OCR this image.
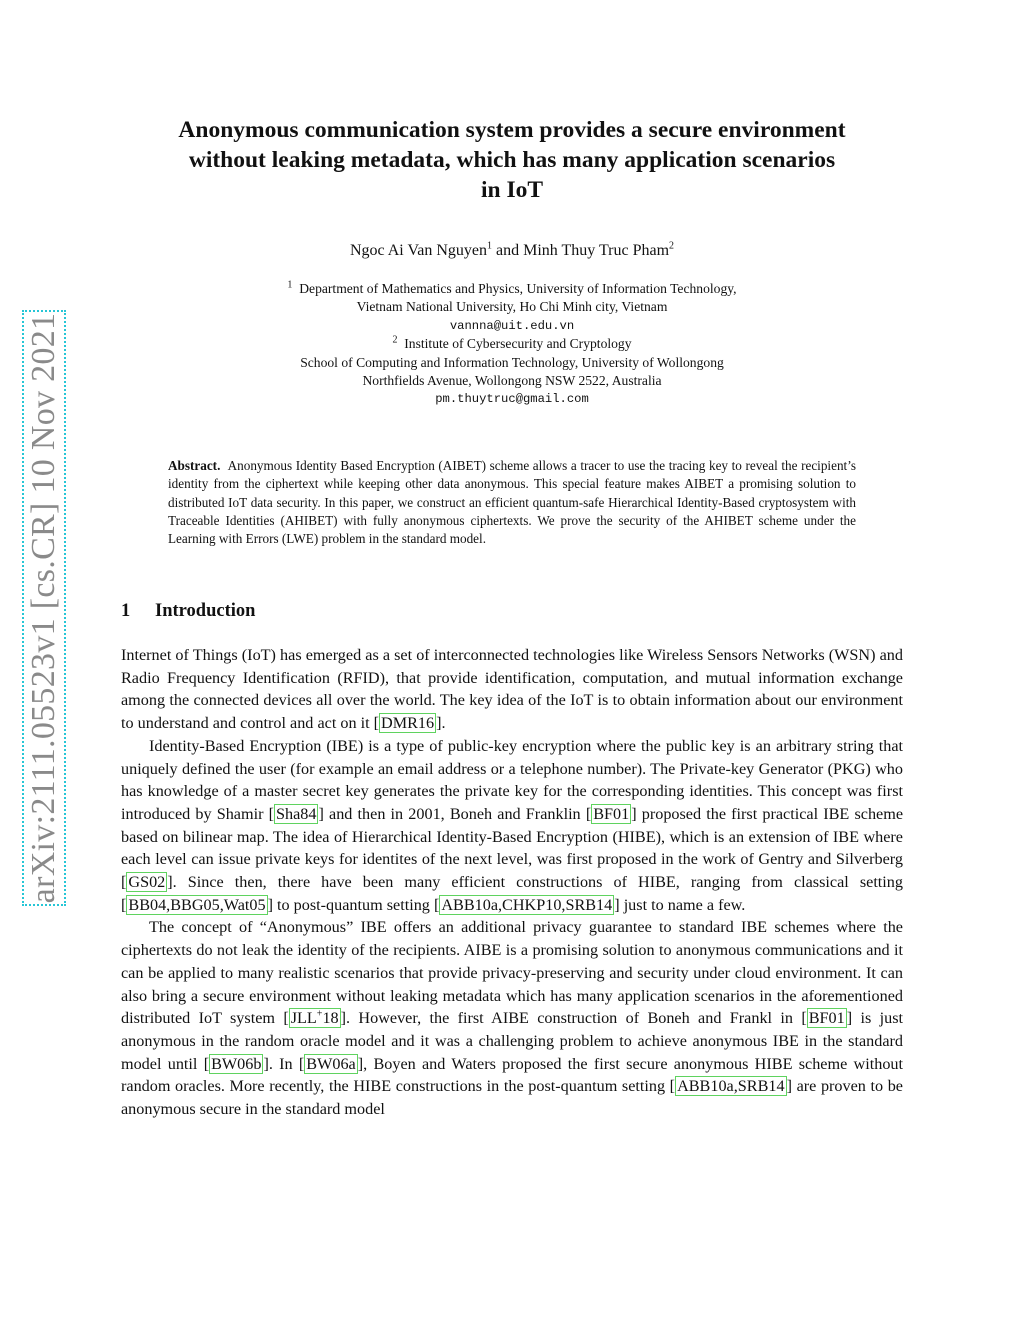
arXiv:2111.05523v1 [cs.CR] 10 Nov 2021
Anonymous communication system provides a secure environment
without leaking metadata, which has many application scenarios
in IoT
Ngoc Ai Van Nguyen$^1$ and Minh Thuy Truc Pham$^2$
$^1$ Department of Mathematics and Physics, University of Information Technology,
Vietnam National University, Ho Chi Minh city, Vietnam
vannna@uit.edu.vn
$^2$ Institute of Cybersecurity and Cryptology
School of Computing and Information Technology, University of Wollongong
Northfields Avenue, Wollongong NSW 2522, Australia
pm.thuytruc@gmail.com

Abstract. Anonymous Identity Based Encryption (AIBET) scheme allows a tracer to use the tracing key to reveal the recipient’s identity from the ciphertext while keeping other data anonymous. This special feature makes AIBET a promising solution to distributed IoT data security. In this paper, we construct an efficient quantum-safe Hierarchical Identity-Based cryptosystem with Traceable Identities (AHIBET) with fully anonymous ciphertexts. We prove the security of the AHIBET scheme under the Learning with Errors (LWE) problem in the standard model.

1 Introduction

Internet of Things (IoT) has emerged as a set of interconnected technologies like Wireless Sensors Networks (WSN) and Radio Frequency Identification (RFID), that provide identification, computation, and mutual information exchange among the connected devices all over the world. The key idea of the IoT is to obtain information about our environment to understand and control and act on it [ DMR16 ].

Identity-Based Encryption (IBE) is a type of public-key encryption where the public key is an arbitrary string that uniquely defined the user (for example an email address or a telephone number). The Private-key Generator (PKG) who has knowledge of a master secret key generates the private key for the corresponding identities. This concept was first introduced by Shamir [ Sha84 ] and then in 2001, Boneh and Franklin [ BF01 ] proposed the first practical IBE scheme based on bilinear map. The idea of Hierarchical Identity-Based Encryption (HIBE), which is an extension of IBE where each level can issue private keys for identites of the next level, was first proposed in the work of Gentry and Silverberg [ GS02 ]. Since then, there have been many efficient constructions of HIBE, ranging from classical setting [ BB04,BBG05,Wat05 ] to post-quantum setting [ ABB10a,CHKP10,SRB14 ] just to name a few.

The concept of “Anonymous” IBE offers an additional privacy guarantee to standard IBE schemes where the ciphertexts do not leak the identity of the recipients. AIBE is a promising solution to anonymous communications and it can be applied to many realistic scenarios that provide privacy-preserving and security under cloud environment. It can also bring a secure environment without leaking metadata which has many application scenarios in the aforementioned distributed IoT system [ JLL+18 ]. However, the first AIBE construction of Boneh and Frankl in [ BF01 ] is just anonymous in the random oracle model and it was a challenging problem to achieve anonymous IBE in the standard model until [ BW06b ]. In [ BW06a ], Boyen and Waters proposed the first secure anonymous HIBE scheme without random oracles. More recently, the HIBE constructions in the post-quantum setting [ ABB10a,SRB14 ] are proven to be anonymous secure in the standard model
